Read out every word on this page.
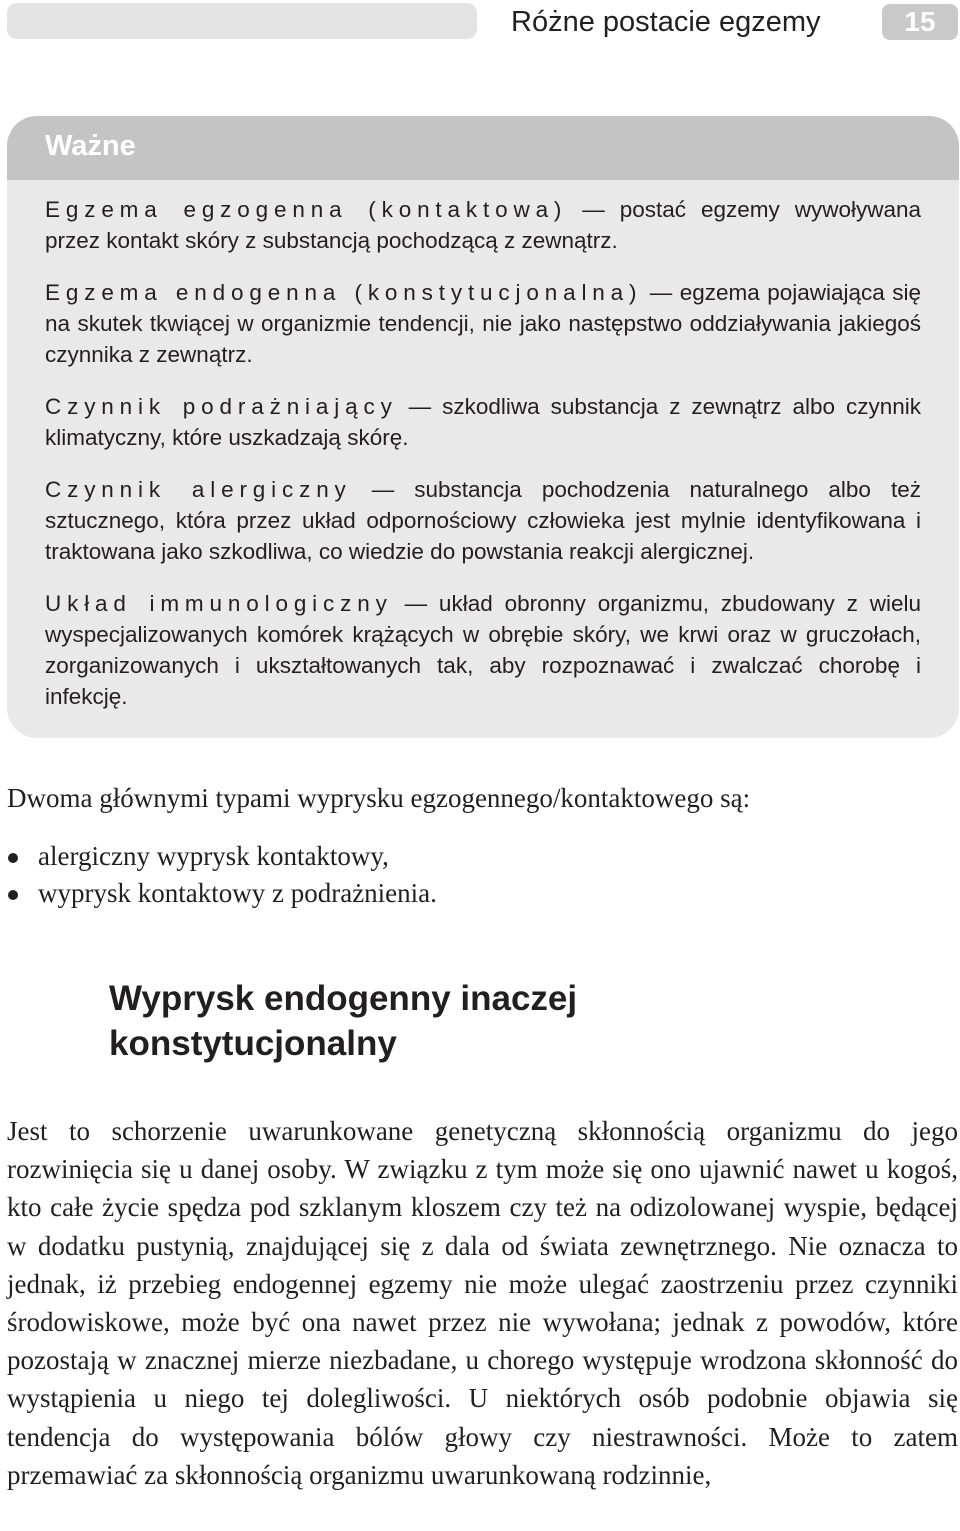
Różne postacie egzemy	15
Ważne

Egzema egzogenna (kontaktowa) — postać egzemy wywoływana przez kontakt skóry z substancją pochodzącą z zewnątrz.

Egzema endogenna (konstytucjonalna) — egzema pojawiająca się na skutek tkwiącej w organizmie tendencji, nie jako następstwo oddziaływania jakiegoś czynnika z zewnątrz.

Czynnik podrażniający — szkodliwa substancja z zewnątrz albo czynnik klimatyczny, które uszkadzają skórę.

Czynnik alergiczny — substancja pochodzenia naturalnego albo też sztucznego, która przez układ odpornościowy człowieka jest mylnie identyfikowana i traktowana jako szkodliwa, co wiedzie do powstania reakcji alergicznej.

Układ immunologiczny — układ obronny organizmu, zbudowany z wielu wyspecjalizowanych komórek krążących w obrębie skóry, we krwi oraz w gruczołach, zorganizowanych i ukształtowanych tak, aby rozpoznawać i zwalczać chorobę i infekcję.

Dwoma głównymi typami wyprysku egzogennego/kontaktowego są:
alergiczny wyprysk kontaktowy,
wyprysk kontaktowy z podrażnienia.
Wyprysk endogenny inaczej konstytucjonalny

Jest to schorzenie uwarunkowane genetyczną skłonnością organizmu do jego rozwinięcia się u danej osoby. W związku z tym może się ono ujawnić nawet u kogoś, kto całe życie spędza pod szklanym kloszem czy też na odizolowanej wyspie, będącej w dodatku pustynią, znajdującej się z dala od świata zewnętrznego. Nie oznacza to jednak, iż przebieg endogennej egzemy nie może ulegać zaostrzeniu przez czynniki środowiskowe, może być ona nawet przez nie wywołana; jednak z powodów, które pozostają w znacznej mierze niezbadane, u chorego występuje wrodzona skłonność do wystąpienia u niego tej dolegliwości. U niektórych osób podobnie objawia się tendencja do występowania bólów głowy czy niestrawności. Może to zatem przemawiać za skłonnością organizmu uwarunkowaną rodzinnie,
